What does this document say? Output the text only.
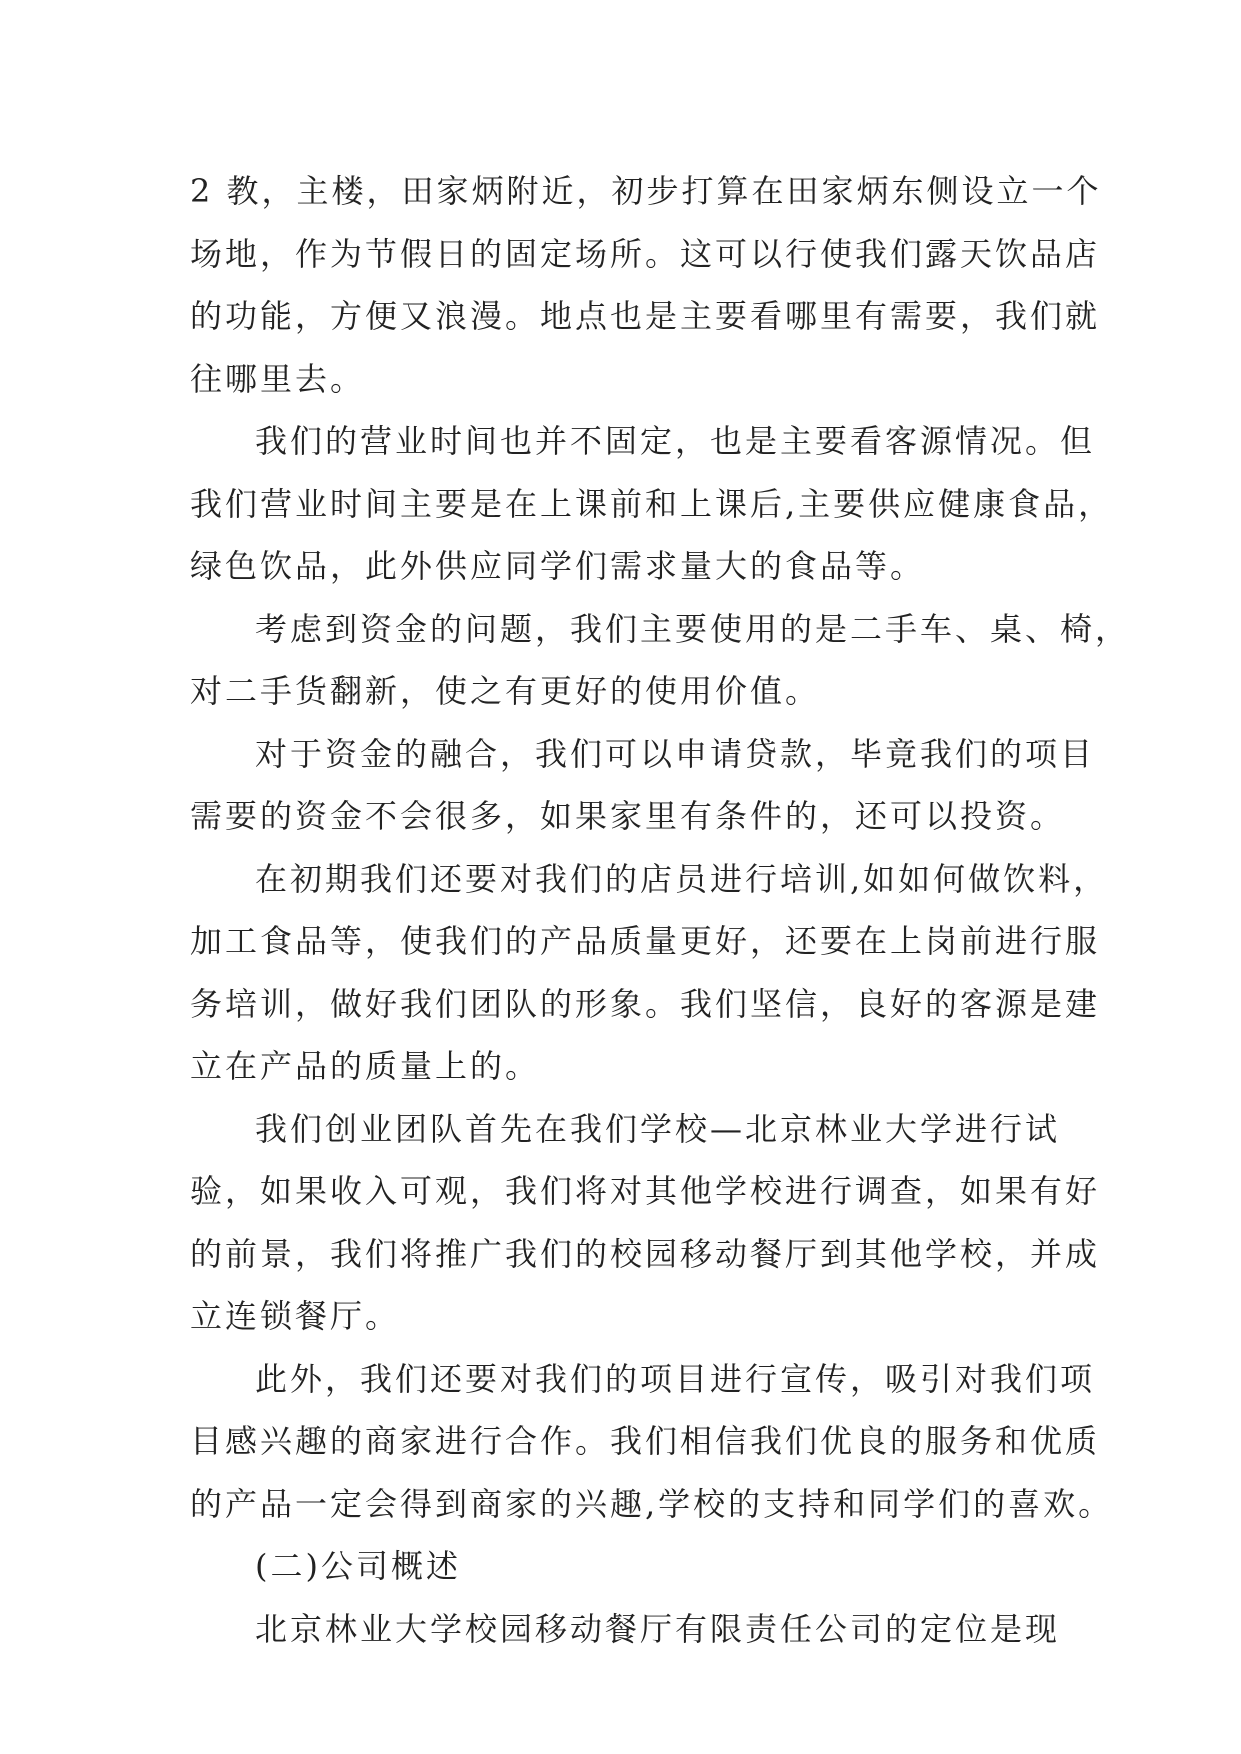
2 教，主楼，田家炳附近，初步打算在田家炳东侧设立一个
场地，作为节假日的固定场所。这可以行使我们露天饮品店
的功能，方便又浪漫。地点也是主要看哪里有需要，我们就
往哪里去。
我们的营业时间也并不固定，也是主要看客源情况。但
我们营业时间主要是在上课前和上课后,主要供应健康食品，
绿色饮品，此外供应同学们需求量大的食品等。
考虑到资金的问题，我们主要使用的是二手车、桌、椅，
对二手货翻新，使之有更好的使用价值。
对于资金的融合，我们可以申请贷款，毕竟我们的项目
需要的资金不会很多，如果家里有条件的，还可以投资。
在初期我们还要对我们的店员进行培训,如如何做饮料，
加工食品等，使我们的产品质量更好，还要在上岗前进行服
务培训，做好我们团队的形象。我们坚信，良好的客源是建
立在产品的质量上的。
我们创业团队首先在我们学校—北京林业大学进行试
验，如果收入可观，我们将对其他学校进行调查，如果有好
的前景，我们将推广我们的校园移动餐厅到其他学校，并成
立连锁餐厅。
此外，我们还要对我们的项目进行宣传，吸引对我们项
目感兴趣的商家进行合作。我们相信我们优良的服务和优质
的产品一定会得到商家的兴趣,学校的支持和同学们的喜欢。
(二)公司概述
北京林业大学校园移动餐厅有限责任公司的定位是现
